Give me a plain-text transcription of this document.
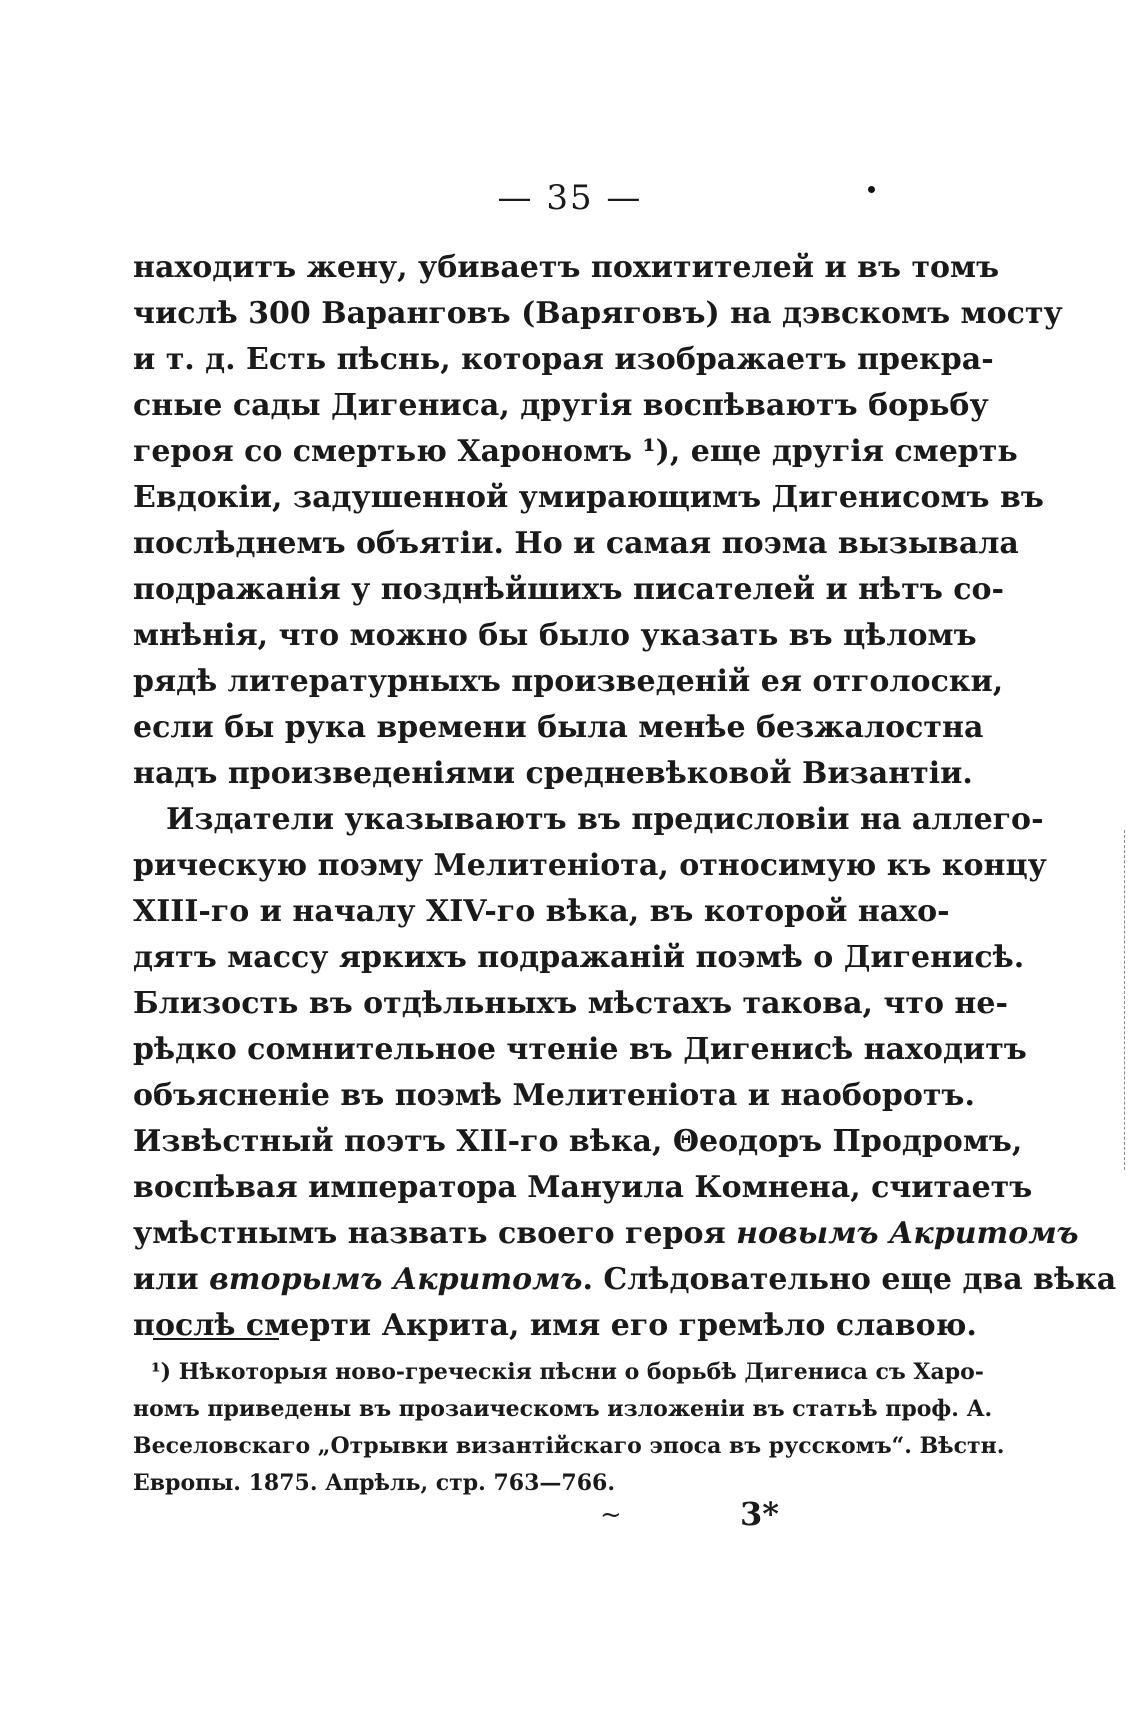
— 35 —
находитъ жену, убиваетъ похитителей и въ томъ
числѣ 300 Варанговъ (Варяговъ) на дэвскомъ мосту
и т. д. Есть пѣснь, которая изображаетъ прекра-
сные сады Дигениса, другія воспѣваютъ борьбу
героя со смертью Харономъ ¹), еще другія смерть
Евдокіи, задушенной умирающимъ Дигенисомъ въ
послѣднемъ объятіи. Но и самая поэма вызывала
подражанія у позднѣйшихъ писателей и нѣтъ со-
мнѣнія, что можно бы было указать въ цѣломъ
рядѣ литературныхъ произведеній ея отголоски,
если бы рука времени была менѣе безжалостна
надъ произведеніями средневѣковой Византіи.
Издатели указываютъ въ предисловіи на аллего-
рическую поэму Мелитеніота, относимую къ концу
XIII-го и началу XIV-го вѣка, въ которой нахо-
дятъ массу яркихъ подражаній поэмѣ о Дигенисѣ.
Близость въ отдѣльныхъ мѣстахъ такова, что не-
рѣдко сомнительное чтеніе въ Дигенисѣ находитъ
объясненіе въ поэмѣ Мелитеніота и наоборотъ.
Извѣстный поэтъ XII-го вѣка, Θеодоръ Продромъ,
воспѣвая императора Мануила Комнена, считаетъ
умѣстнымъ назвать своего героя новымъ Акритомъ
или вторымъ Акритомъ. Слѣдовательно еще два вѣка
послѣ смерти Акрита, имя его гремѣло славою.
¹) Нѣкоторыя ново-греческія пѣсни о борьбѣ Дигениса съ Харо-
номъ приведены въ прозаическомъ изложеніи въ статьѣ проф. А.
Веселовскаго „Отрывки византійскаго эпоса въ русскомъ“. Вѣстн.
Европы. 1875. Апрѣль, стр. 763—766.
~	3*
